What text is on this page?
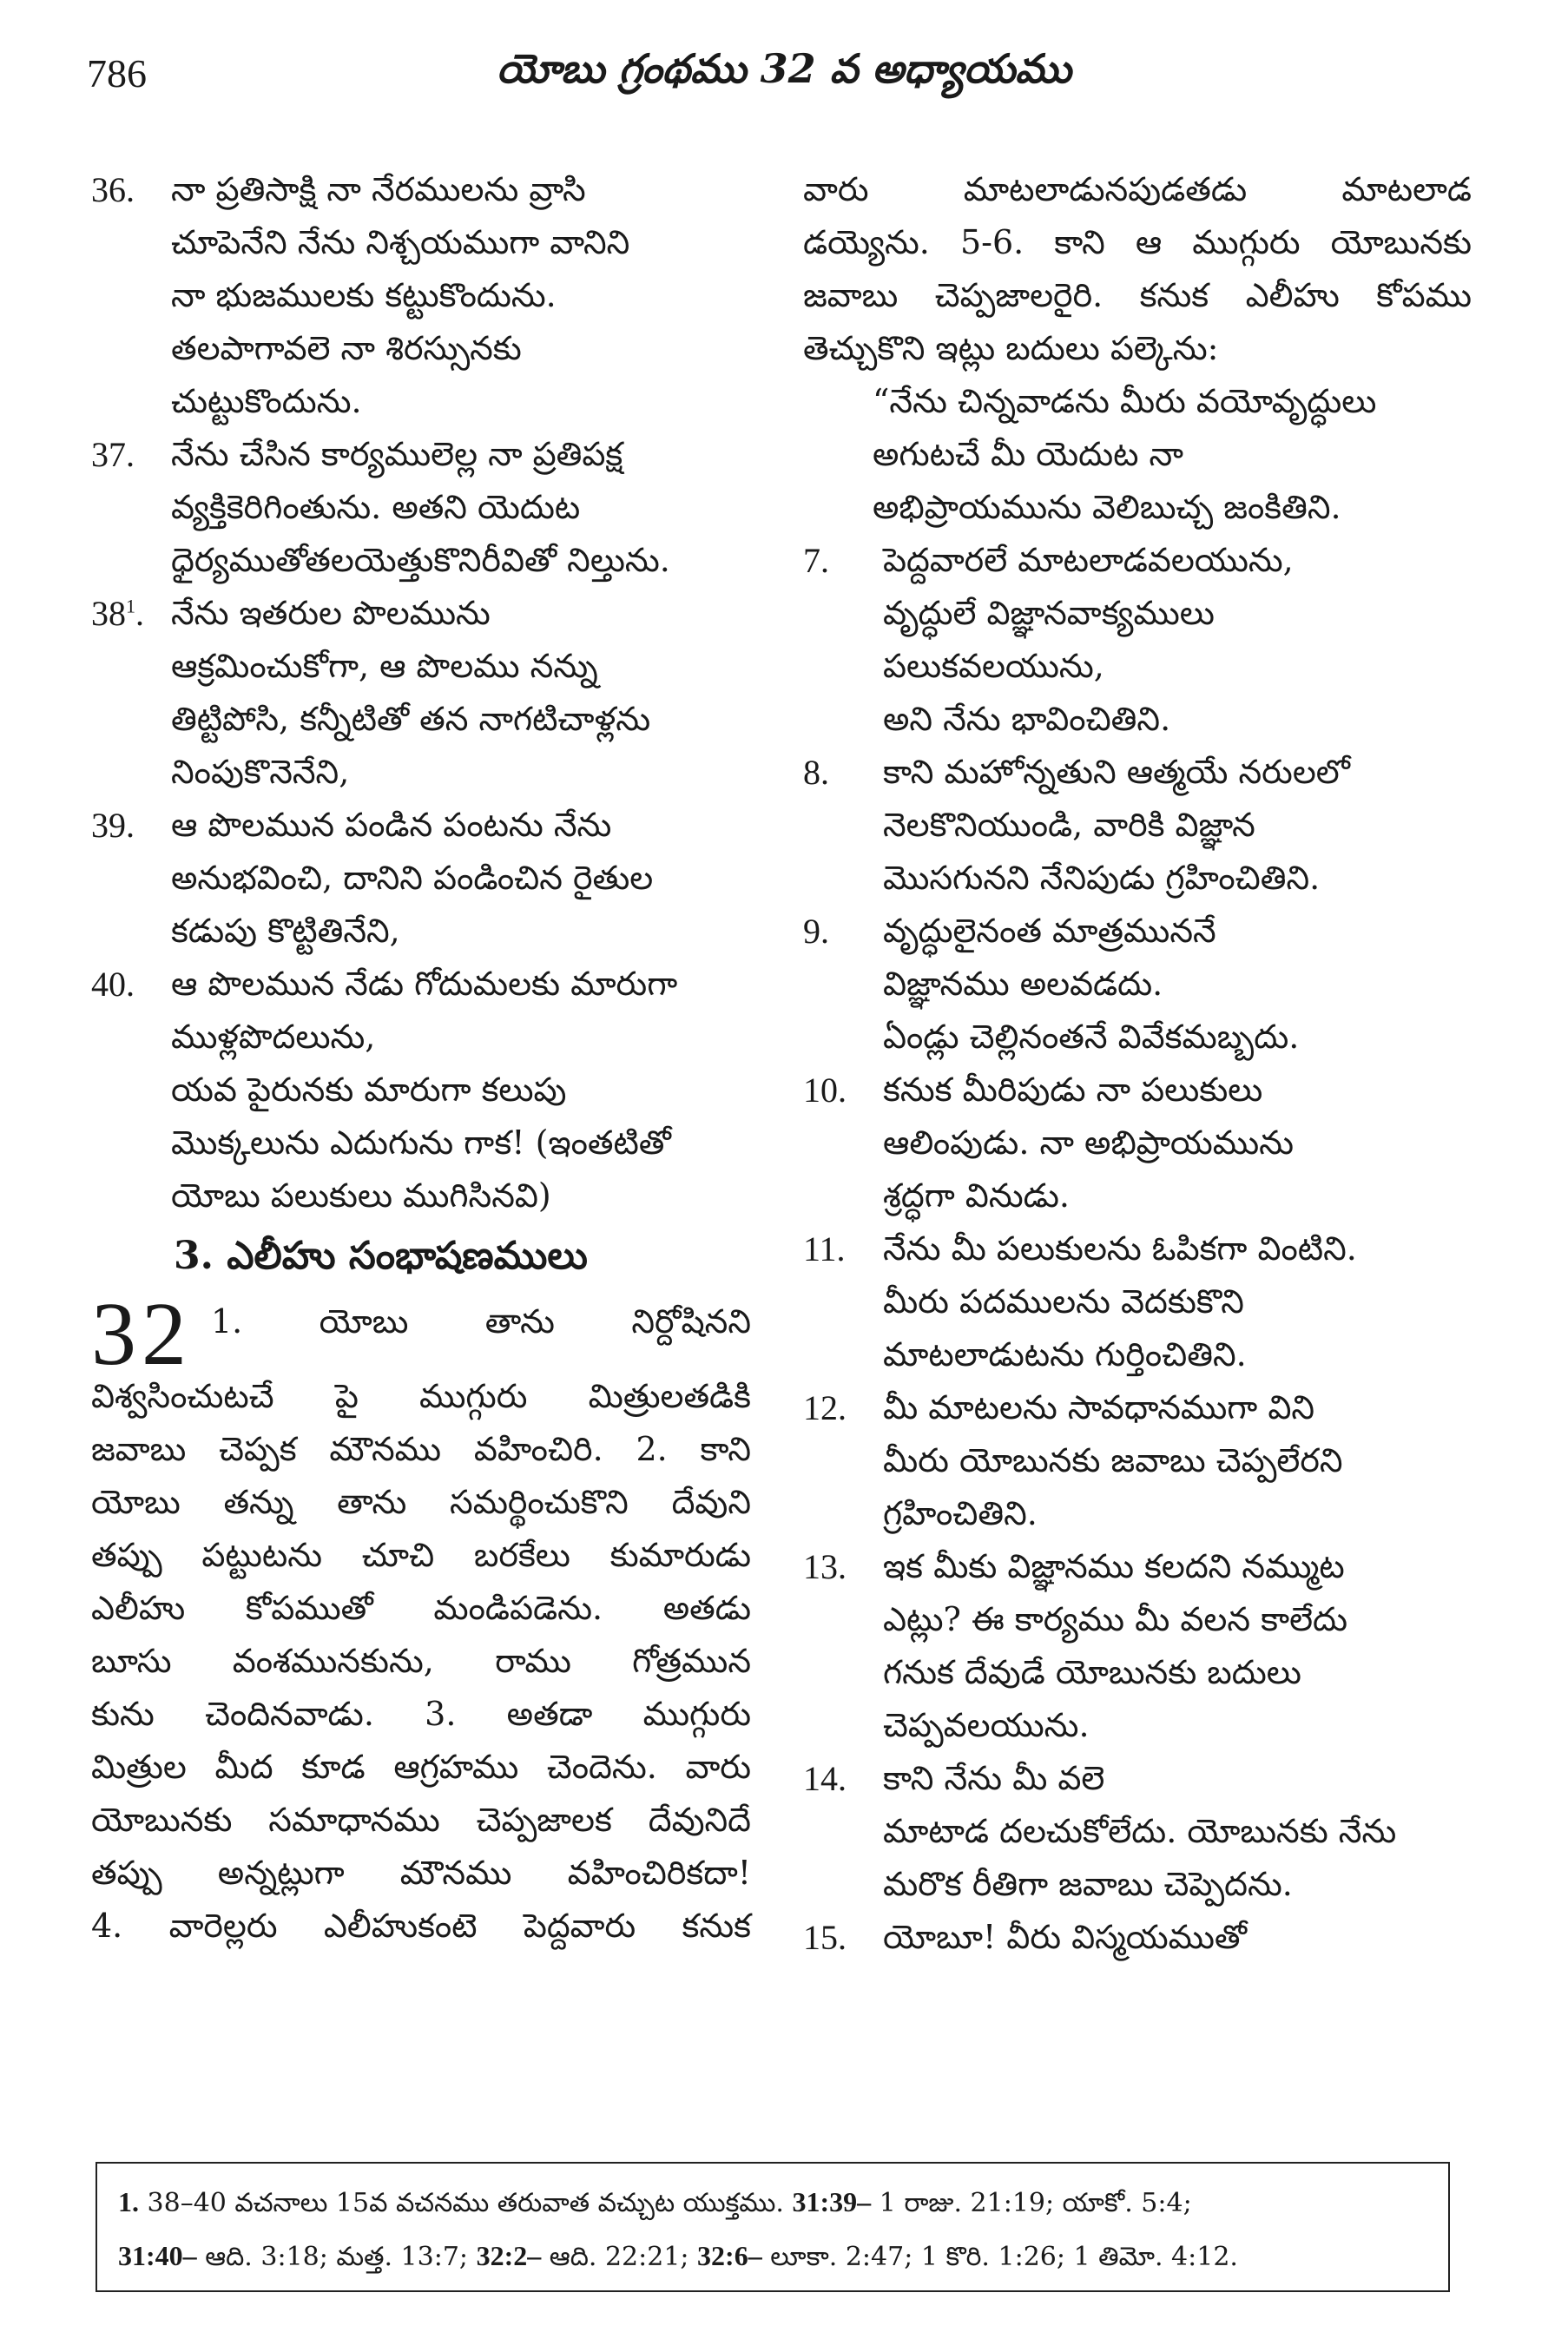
786	యోబు గ్రంథము 32 వ అధ్యాయము
36. నా ప్రతిసాక్షి నా నేరములను వ్రాసి
చూపెనేని నేను నిశ్చయముగా వానిని
నా భుజములకు కట్టుకొందును.
తలపాగావలె నా శిరస్సునకు
చుట్టుకొందును.
37. నేను చేసిన కార్యములెల్ల నా ప్రతిపక్ష
వ్యక్తికెరిగింతును. అతని యెదుట
ధైర్యముతోతలయెత్తుకొనిరీవితో నిల్తును.
$38^1$. నేను ఇతరుల పొలమును
ఆక్రమించుకోగా, ఆ పొలము నన్ను
తిట్టిపోసి, కన్నీటితో తన నాగటిచాళ్లను
నింపుకొనెనేని,
39. ఆ పొలమున పండిన పంటను నేను
అనుభవించి, దానిని పండించిన రైతుల
కడుపు కొట్టితినేని,
40. ఆ పొలమున నేడు గోదుమలకు మారుగా
ముళ్లపొదలును,
యవ పైరునకు మారుగా కలుపు
మొక్కలును ఎదుగును గాక! (ఇంతటితో
యోబు పలుకులు ముగిసినవి)
3. ఎలీహు సంభాషణములు
32 1. యోబు తాను నిర్దోషినని
విశ్వసించుటచే పై ముగ్గురు మిత్రులతడికి
జవాబు చెప్పక మౌనము వహించిరి. 2. కాని
యోబు తన్ను తాను సమర్థించుకొని దేవుని
తప్పు పట్టుటను చూచి బరకేలు కుమారుడు
ఎలీహు కోపముతో మండిపడెను. అతడు
బూసు వంశమునకును, రాము గోత్రమున
కును చెందినవాడు. 3. అతడా ముగ్గురు
మిత్రుల మీద కూడ ఆగ్రహము చెందెను. వారు
యోబునకు సమాధానము చెప్పజాలక దేవునిదే
తప్పు అన్నట్లుగా మౌనము వహించిరికదా!
4. వారెల్లరు ఎలీహుకంటె పెద్దవారు కనుక
వారు మాటలాడునపుడతడు మాటలాడ
డయ్యెను. 5-6. కాని ఆ ముగ్గురు యోబునకు
జవాబు చెప్పజాలరైరి. కనుక ఎలీహు కోపము
తెచ్చుకొని ఇట్లు బదులు పల్కెను:
“నేను చిన్నవాడను మీరు వయోవృద్ధులు
అగుటచే మీ యెదుట నా
అభిప్రాయమును వెలిబుచ్చ జంకితిని.
7. పెద్దవారలే మాటలాడవలయును,
వృద్ధులే విజ్ఞానవాక్యములు
పలుకవలయును,
అని నేను భావించితిని.
8. కాని మహోన్నతుని ఆత్మయే నరులలో
నెలకొనియుండి, వారికి విజ్ఞాన
మొసగునని నేనిపుడు గ్రహించితిని.
9. వృద్ధులైనంత మాత్రముననే
విజ్ఞానము అలవడదు.
ఏండ్లు చెల్లినంతనే వివేకమబ్బదు.
10. కనుక మీరిపుడు నా పలుకులు
ఆలింపుడు. నా అభిప్రాయమును
శ్రద్ధగా వినుడు.
11. నేను మీ పలుకులను ఓపికగా వింటిని.
మీరు పదములను వెదకుకొని
మాటలాడుటను గుర్తించితిని.
12. మీ మాటలను సావధానముగా విని
మీరు యోబునకు జవాబు చెప్పలేరని
గ్రహించితిని.
13. ఇక మీకు విజ్ఞానము కలదని నమ్ముట
ఎట్లు? ఈ కార్యము మీ వలన కాలేదు
గనుక దేవుడే యోబునకు బదులు
చెప్పవలయును.
14. కాని నేను మీ వలె
మాటాడ దలచుకోలేదు. యోబునకు నేను
మరొక రీతిగా జవాబు చెప్పెదను.
15. యోబూ! వీరు విస్మయముతో
1. 38–40 వచనాలు 15వ వచనము తరువాత వచ్చుట యుక్తము. 31:39– 1 రాజు. 21:19; యాకో. 5:4;
31:40– ఆది. 3:18; మత్త. 13:7; 32:2– ఆది. 22:21; 32:6– లూకా. 2:47; 1 కొరి. 1:26; 1 తిమో. 4:12.
